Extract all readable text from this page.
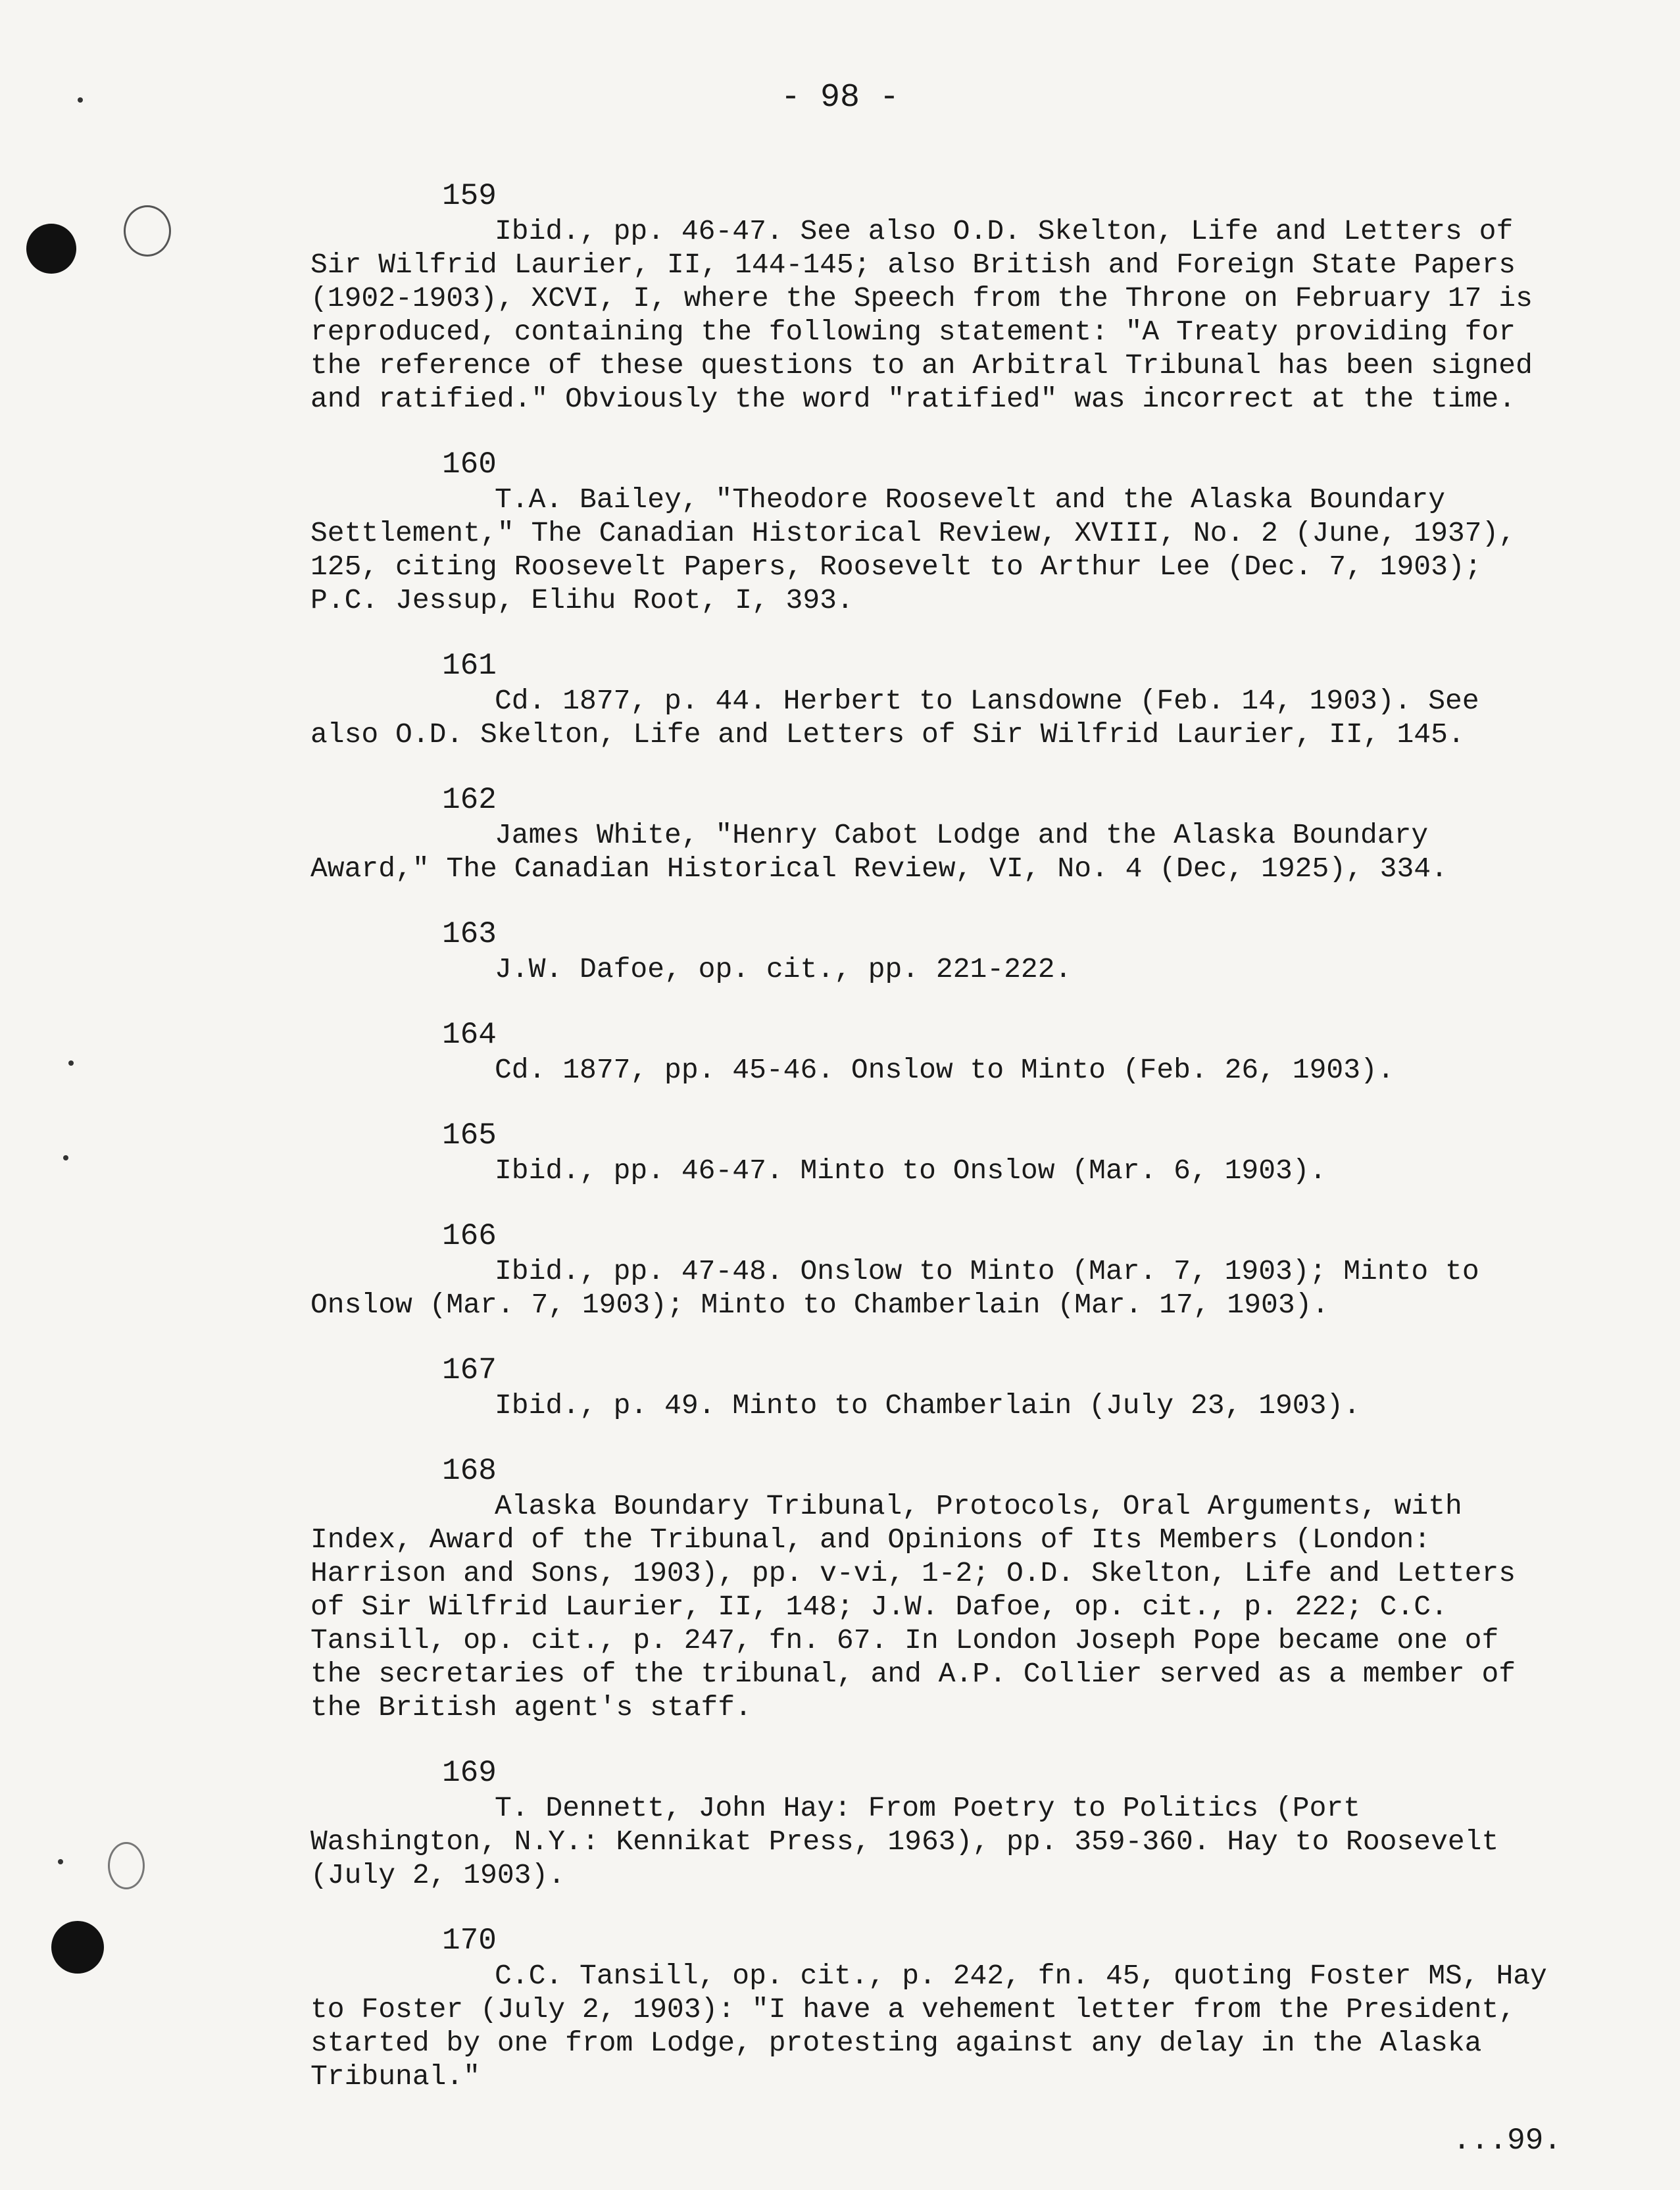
- 98 -
159
Ibid., pp. 46-47. See also O.D. Skelton, Life and Letters of Sir Wilfrid Laurier, II, 144-145; also British and Foreign State Papers (1902-1903), XCVI, I, where the Speech from the Throne on February 17 is reproduced, containing the following statement: "A Treaty providing for the reference of these questions to an Arbitral Tribunal has been signed and ratified." Obviously the word "ratified" was incorrect at the time.
160
T.A. Bailey, "Theodore Roosevelt and the Alaska Boundary Settlement," The Canadian Historical Review, XVIII, No. 2 (June, 1937), 125, citing Roosevelt Papers, Roosevelt to Arthur Lee (Dec. 7, 1903); P.C. Jessup, Elihu Root, I, 393.
161
Cd. 1877, p. 44. Herbert to Lansdowne (Feb. 14, 1903). See also O.D. Skelton, Life and Letters of Sir Wilfrid Laurier, II, 145.
162
James White, "Henry Cabot Lodge and the Alaska Boundary Award," The Canadian Historical Review, VI, No. 4 (Dec, 1925), 334.
163
J.W. Dafoe, op. cit., pp. 221-222.
164
Cd. 1877, pp. 45-46. Onslow to Minto (Feb. 26, 1903).
165
Ibid., pp. 46-47. Minto to Onslow (Mar. 6, 1903).
166
Ibid., pp. 47-48. Onslow to Minto (Mar. 7, 1903); Minto to Onslow (Mar. 7, 1903); Minto to Chamberlain (Mar. 17, 1903).
167
Ibid., p. 49. Minto to Chamberlain (July 23, 1903).
168
Alaska Boundary Tribunal, Protocols, Oral Arguments, with Index, Award of the Tribunal, and Opinions of Its Members (London: Harrison and Sons, 1903), pp. v-vi, 1-2; O.D. Skelton, Life and Letters of Sir Wilfrid Laurier, II, 148; J.W. Dafoe, op. cit., p. 222; C.C. Tansill, op. cit., p. 247, fn. 67. In London Joseph Pope became one of the secretaries of the tribunal, and A.P. Collier served as a member of the British agent's staff.
169
T. Dennett, John Hay: From Poetry to Politics (Port Washington, N.Y.: Kennikat Press, 1963), pp. 359-360. Hay to Roosevelt (July 2, 1903).
170
C.C. Tansill, op. cit., p. 242, fn. 45, quoting Foster MS, Hay to Foster (July 2, 1903): "I have a vehement letter from the President, started by one from Lodge, protesting against any delay in the Alaska Tribunal."
...99.
